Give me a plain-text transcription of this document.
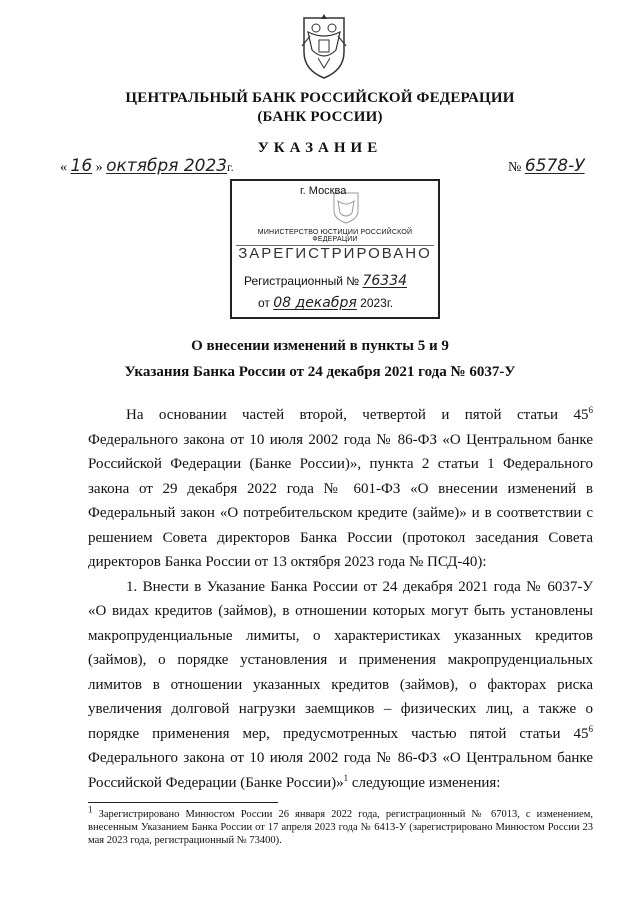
ЦЕНТРАЛЬНЫЙ БАНК РОССИЙСКОЙ ФЕДЕРАЦИИ
(БАНК РОССИИ)
УКАЗАНИЕ
« 16 » октября 2023г.	№ 6578-У
г. Москва
МИНИСТЕРСТВО ЮСТИЦИИ РОССИЙСКОЙ ФЕДЕРАЦИИ
ЗАРЕГИСТРИРОВАНО
Регистрационный № 76334
от 08 декабря 2023г.
О внесении изменений в пункты 5 и 9
Указания Банка России от 24 декабря 2021 года № 6037-У

На основании частей второй, четвертой и пятой статьи $45^6$ Федерального закона от 10 июля 2002 года № 86-ФЗ «О Центральном банке Российской Федерации (Банке России)», пункта 2 статьи 1 Федерального закона от 29 декабря 2022 года № 601-ФЗ «О внесении изменений в Федеральный закон «О потребительском кредите (займе)» и в соответствии с решением Совета директоров Банка России (протокол заседания Совета директоров Банка России от 13 октября 2023 года № ПСД-40):

1. Внести в Указание Банка России от 24 декабря 2021 года № 6037-У «О видах кредитов (займов), в отношении которых могут быть установлены макропруденциальные лимиты, о характеристиках указанных кредитов (займов), о порядке установления и применения макропруденциальных лимитов в отношении указанных кредитов (займов), о факторах риска увеличения долговой нагрузки заемщиков – физических лиц, а также о порядке применения мер, предусмотренных частью пятой статьи $45^6$ Федерального закона от 10 июля 2002 года № 86-ФЗ «О Центральном банке Российской Федерации (Банке России)»$^1$ следующие изменения:

$^1$ Зарегистрировано Минюстом России 26 января 2022 года, регистрационный № 67013, с изменением, внесенным Указанием Банка России от 17 апреля 2023 года № 6413-У (зарегистрировано Минюстом России 23 мая 2023 года, регистрационный № 73400).
